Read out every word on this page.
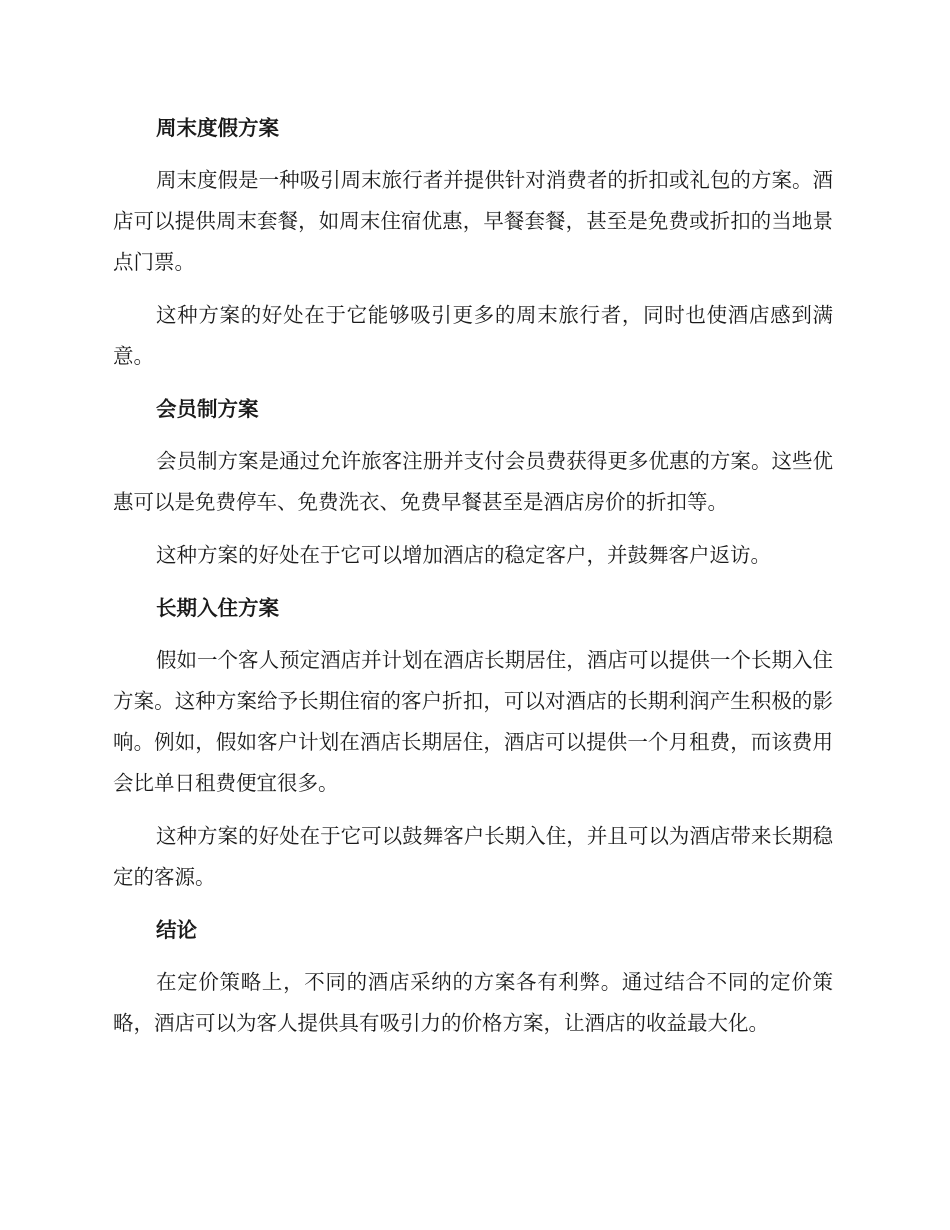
周末度假方案

周末度假是一种吸引周末旅行者并提供针对消费者的折扣或礼包的方案。酒店可以提供周末套餐，如周末住宿优惠，早餐套餐，甚至是免费或折扣的当地景点门票。

这种方案的好处在于它能够吸引更多的周末旅行者，同时也使酒店感到满意。

会员制方案

会员制方案是通过允许旅客注册并支付会员费获得更多优惠的方案。这些优惠可以是免费停车、免费洗衣、免费早餐甚至是酒店房价的折扣等。

这种方案的好处在于它可以增加酒店的稳定客户，并鼓舞客户返访。

长期入住方案

假如一个客人预定酒店并计划在酒店长期居住，酒店可以提供一个长期入住方案。这种方案给予长期住宿的客户折扣，可以对酒店的长期利润产生积极的影响。例如，假如客户计划在酒店长期居住，酒店可以提供一个月租费，而该费用会比单日租费便宜很多。

这种方案的好处在于它可以鼓舞客户长期入住，并且可以为酒店带来长期稳定的客源。

结论

在定价策略上，不同的酒店采纳的方案各有利弊。通过结合不同的定价策略，酒店可以为客人提供具有吸引力的价格方案，让酒店的收益最大化。
